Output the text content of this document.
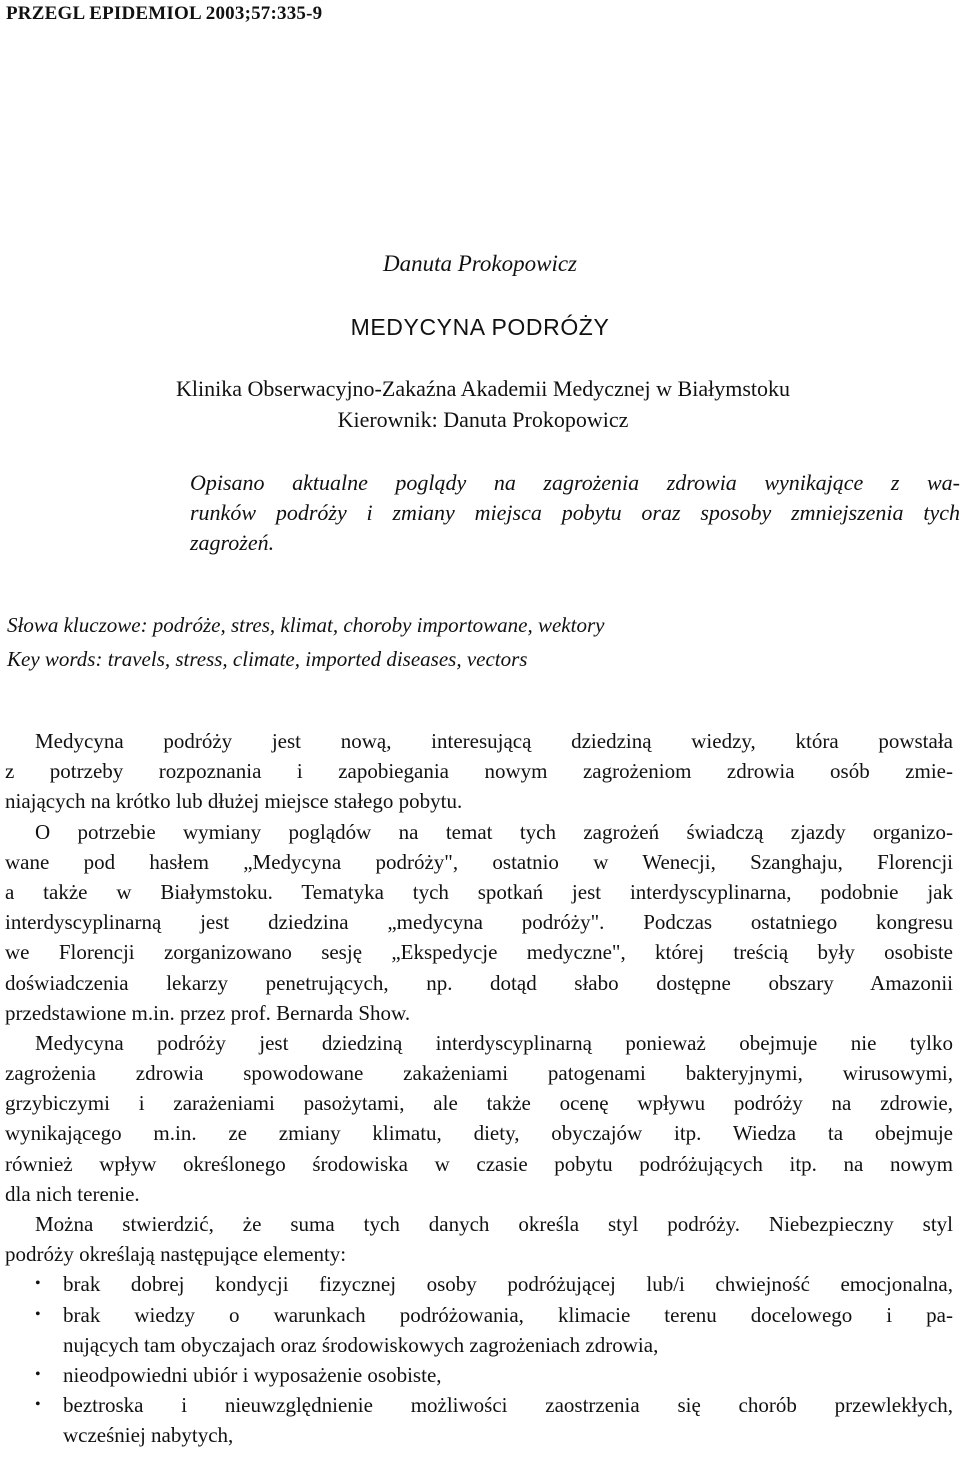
PRZEGL EPIDEMIOL 2003;57:335-9
Danuta Prokopowicz
MEDYCYNA PODRÓŻY
Klinika Obserwacyjno-Zakaźna Akademii Medycznej w Białymstoku
Kierownik: Danuta Prokopowicz
Opisano aktualne poglądy na zagrożenia zdrowia wynikające z wa-
runków podróży i zmiany miejsca pobytu oraz sposoby zmniejszenia tych
zagrożeń.
Słowa kluczowe: podróże, stres, klimat, choroby importowane, wektory
Key words: travels, stress, climate, imported diseases, vectors
Medycyna podróży jest nową, interesującą dziedziną wiedzy, która powstała
z potrzeby rozpoznania i zapobiegania nowym zagrożeniom zdrowia osób zmie-
niających na krótko lub dłużej miejsce stałego pobytu.
O potrzebie wymiany poglądów na temat tych zagrożeń świadczą zjazdy organizo-
wane pod hasłem „Medycyna podróży", ostatnio w Wenecji, Szanghaju, Florencji
a także w Białymstoku. Tematyka tych spotkań jest interdyscyplinarna, podobnie jak
interdyscyplinarną jest dziedzina „medycyna podróży". Podczas ostatniego kongresu
we Florencji zorganizowano sesję „Ekspedycje medyczne", której treścią były osobiste
doświadczenia lekarzy penetrujących, np. dotąd słabo dostępne obszary Amazonii
przedstawione m.in. przez prof. Bernarda Show.
Medycyna podróży jest dziedziną interdyscyplinarną ponieważ obejmuje nie tylko
zagrożenia zdrowia spowodowane zakażeniami patogenami bakteryjnymi, wirusowymi,
grzybiczymi i zarażeniami pasożytami, ale także ocenę wpływu podróży na zdrowie,
wynikającego m.in. ze zmiany klimatu, diety, obyczajów itp. Wiedza ta obejmuje
również wpływ określonego środowiska w czasie pobytu podróżujących itp. na nowym
dla nich terenie.
Można stwierdzić, że suma tych danych określa styl podróży. Niebezpieczny styl
podróży określają następujące elementy:
• brak dobrej kondycji fizycznej osoby podróżującej lub/i chwiejność emocjonalna,
• brak wiedzy o warunkach podróżowania, klimacie terenu docelowego i pa-
nujących tam obyczajach oraz środowiskowych zagrożeniach zdrowia,
• nieodpowiedni ubiór i wyposażenie osobiste,
• beztroska i nieuwzględnienie możliwości zaostrzenia się chorób przewlekłych,
wcześniej nabytych,
